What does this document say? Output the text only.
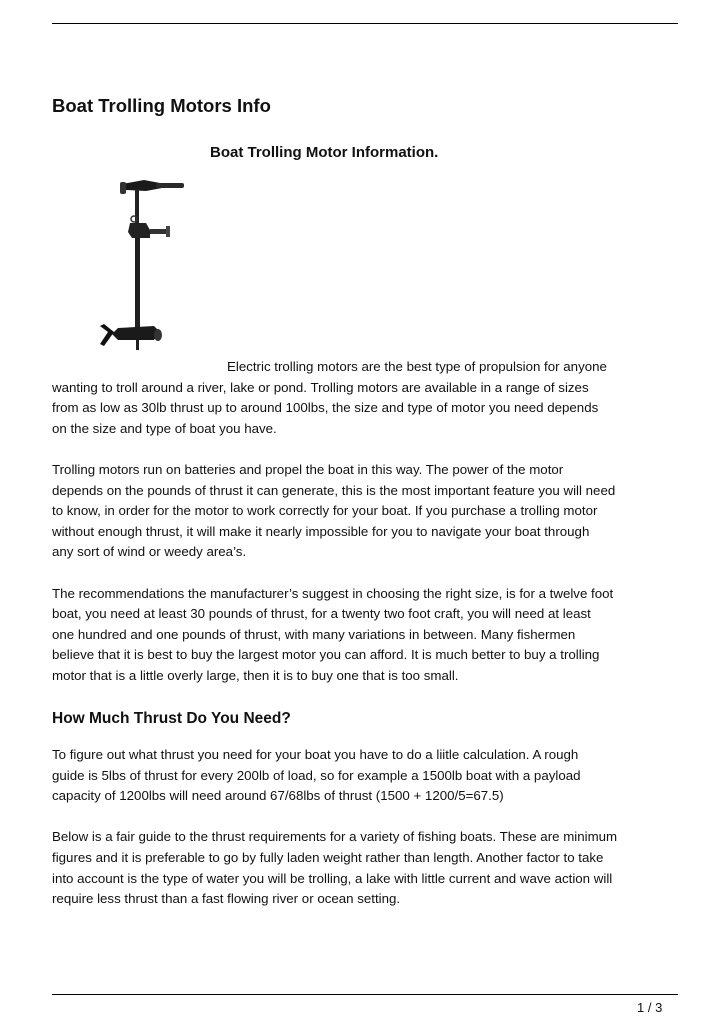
Boat Trolling Motors Info
Boat Trolling Motor Information.

Electric trolling motors are the best type of propulsion for anyone
wanting to troll around a river, lake or pond. Trolling motors are available in a range of sizes
from as low as 30lb thrust up to around 100lbs, the size and type of motor you need depends
on the size and type of boat you have.

Trolling motors run on batteries and propel the boat in this way. The power of the motor
depends on the pounds of thrust it can generate, this is the most important feature you will need
to know, in order for the motor to work correctly for your boat. If you purchase a trolling motor
without enough thrust, it will make it nearly impossible for you to navigate your boat through
any sort of wind or weedy area’s.

The recommendations the manufacturer’s suggest in choosing the right size, is for a twelve foot
boat, you need at least 30 pounds of thrust, for a twenty two foot craft, you will need at least
one hundred and one pounds of thrust, with many variations in between. Many fishermen
believe that it is best to buy the largest motor you can afford. It is much better to buy a trolling
motor that is a little overly large, then it is to buy one that is too small.

How Much Thrust Do You Need?

To figure out what thrust you need for your boat you have to do a liitle calculation. A rough
guide is 5lbs of thrust for every 200lb of load, so for example a 1500lb boat with a payload
capacity of 1200lbs will need around 67/68lbs of thrust (1500 + 1200/5=67.5)

Below is a fair guide to the thrust requirements for a variety of fishing boats. These are minimum
figures and it is preferable to go by fully laden weight rather than length. Another factor to take
into account is the type of water you will be trolling, a lake with little current and wave action will
require less thrust than a fast flowing river or ocean setting.

1 / 3
